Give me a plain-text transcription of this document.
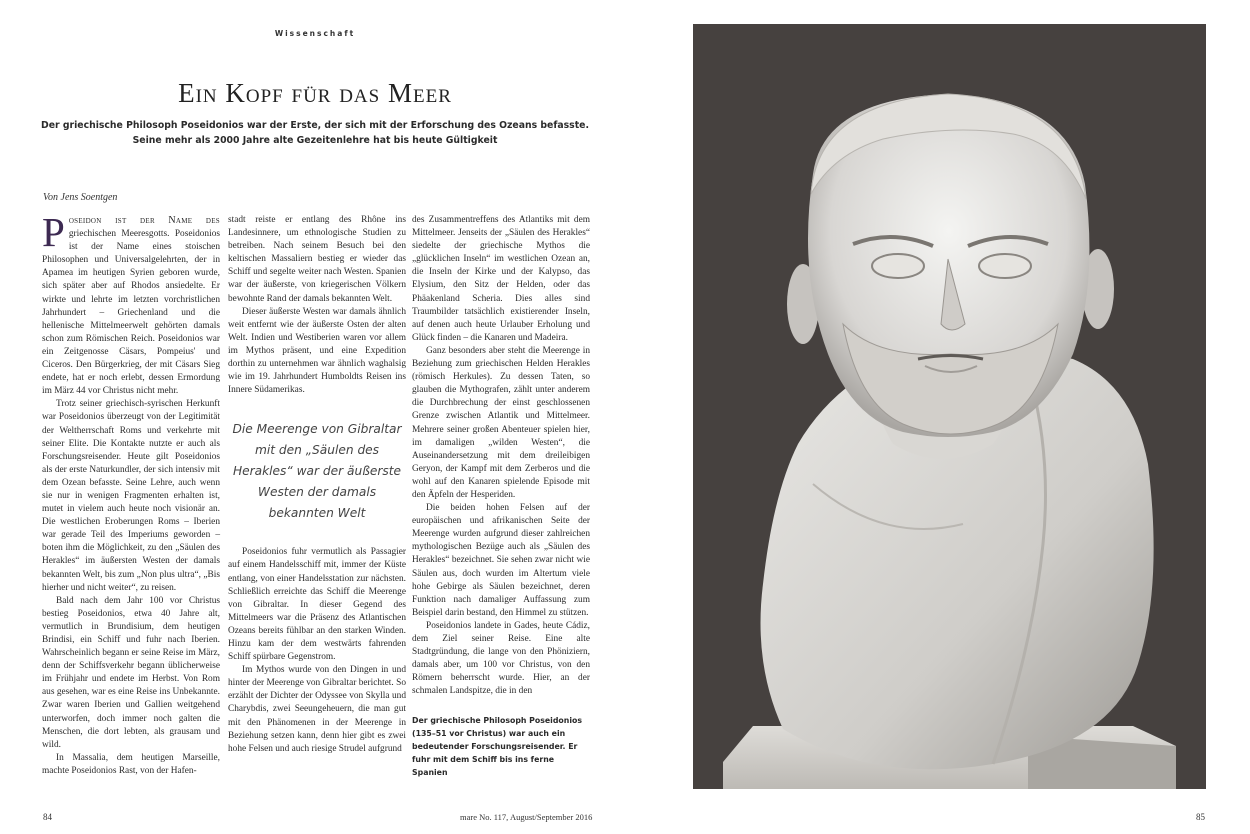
Wissenschaft
Ein Kopf für das Meer
Der griechische Philosoph Poseidonios war der Erste, der sich mit der Erforschung des Ozeans befasste.
Seine mehr als 2000 Jahre alte Gezeitenlehre hat bis heute Gültigkeit
Von Jens Soentgen

P oseidon ist der Name des griechischen Meeresgotts. Poseidonios ist der Name eines stoischen Philosophen und Universalgelehrten, der in Apamea im heutigen Syrien geboren wurde, sich später aber auf Rhodos ansiedelte. Er wirkte und lehrte im letzten vorchristlichen Jahrhundert – Griechenland und die hellenische Mittelmeerwelt gehörten damals schon zum Römischen Reich. Poseidonios war ein Zeitgenosse Cäsars, Pompeius' und Ciceros. Den Bürgerkrieg, der mit Cäsars Sieg endete, hat er noch erlebt, dessen Ermordung im März 44 vor Christus nicht mehr.

Trotz seiner griechisch-syrischen Herkunft war Poseidonios überzeugt von der Legitimität der Weltherrschaft Roms und verkehrte mit seiner Elite. Die Kontakte nutzte er auch als Forschungsreisender. Heute gilt Poseidonios als der erste Naturkundler, der sich intensiv mit dem Ozean befasste. Seine Lehre, auch wenn sie nur in wenigen Fragmenten erhalten ist, mutet in vielem auch heute noch visionär an. Die westlichen Eroberungen Roms – Iberien war gerade Teil des Imperiums geworden – boten ihm die Möglichkeit, zu den „Säulen des Herakles“ im äußersten Westen der damals bekannten Welt, bis zum „Non plus ultra“, „Bis hierher und nicht weiter“, zu reisen.

Bald nach dem Jahr 100 vor Christus bestieg Poseidonios, etwa 40 Jahre alt, vermutlich in Brundisium, dem heutigen Brindisi, ein Schiff und fuhr nach Iberien. Wahrscheinlich begann er seine Reise im März, denn der Schiffsverkehr begann üblicherweise im Frühjahr und endete im Herbst. Von Rom aus gesehen, war es eine Reise ins Unbekannte. Zwar waren Iberien und Gallien weitgehend unterworfen, doch immer noch galten die Menschen, die dort lebten, als grausam und wild.

In Massalia, dem heutigen Marseille, machte Poseidonios Rast, von der Hafen-

stadt reiste er entlang des Rhône ins Landesinnere, um ethnologische Studien zu betreiben. Nach seinem Besuch bei den keltischen Massaliern bestieg er wieder das Schiff und segelte weiter nach Westen. Spanien war der äußerste, von kriegerischen Völkern bewohnte Rand der damals bekannten Welt.

Dieser äußerste Westen war damals ähnlich weit entfernt wie der äußerste Osten der alten Welt. Indien und Westiberien waren vor allem im Mythos präsent, und eine Expedition dorthin zu unternehmen war ähnlich waghalsig wie im 19. Jahrhundert Humboldts Reisen ins Innere Südamerikas.

Die Meerenge von Gibraltar mit den „Säulen des Herakles“ war der äußerste Westen der damals bekannten Welt

Poseidonios fuhr vermutlich als Passagier auf einem Handelsschiff mit, immer der Küste entlang, von einer Handelsstation zur nächsten. Schließlich erreichte das Schiff die Meerenge von Gibraltar. In dieser Gegend des Mittelmeers war die Präsenz des Atlantischen Ozeans bereits fühlbar an den starken Winden. Hinzu kam der dem westwärts fahrenden Schiff spürbare Gegenstrom.

Im Mythos wurde von den Dingen in und hinter der Meerenge von Gibraltar berichtet. So erzählt der Dichter der Odyssee von Skylla und Charybdis, zwei Seeungeheuern, die man gut mit den Phänomenen in der Meerenge in Beziehung setzen kann, denn hier gibt es zwei hohe Felsen und auch riesige Strudel aufgrund

des Zusammentreffens des Atlantiks mit dem Mittelmeer. Jenseits der „Säulen des Herakles“ siedelte der griechische Mythos die „glücklichen Inseln“ im westlichen Ozean an, die Inseln der Kirke und der Kalypso, das Elysium, den Sitz der Helden, oder das Phäakenland Scheria. Dies alles sind Traumbilder tatsächlich existierender Inseln, auf denen auch heute Urlauber Erholung und Glück finden – die Kanaren und Madeira.

Ganz besonders aber steht die Meerenge in Beziehung zum griechischen Helden Herakles (römisch Herkules). Zu dessen Taten, so glauben die Mythografen, zählt unter anderem die Durchbrechung der einst geschlossenen Grenze zwischen Atlantik und Mittelmeer. Mehrere seiner großen Abenteuer spielen hier, im damaligen „wilden Westen“, die Auseinandersetzung mit dem dreileibigen Geryon, der Kampf mit dem Zerberos und die wohl auf den Kanaren spielende Episode mit den Äpfeln der Hesperiden.

Die beiden hohen Felsen auf der europäischen und afrikanischen Seite der Meerenge wurden aufgrund dieser zahlreichen mythologischen Bezüge auch als „Säulen des Herakles“ bezeichnet. Sie sehen zwar nicht wie Säulen aus, doch wurden im Altertum viele hohe Gebirge als Säulen bezeichnet, deren Funktion nach damaliger Auffassung zum Beispiel darin bestand, den Himmel zu stützen.

Poseidonios landete in Gades, heute Cádiz, dem Ziel seiner Reise. Eine alte Stadtgründung, die lange von den Phöniziern, damals aber, um 100 vor Christus, von den Römern beherrscht wurde. Hier, an der schmalen Landspitze, die in den

Der griechische Philosoph Poseidonios (135–51 vor Christus) war auch ein bedeutender Forschungsreisender. Er fuhr mit dem Schiff bis ins ferne Spanien
84	mare No. 117, August/September 2016	85
